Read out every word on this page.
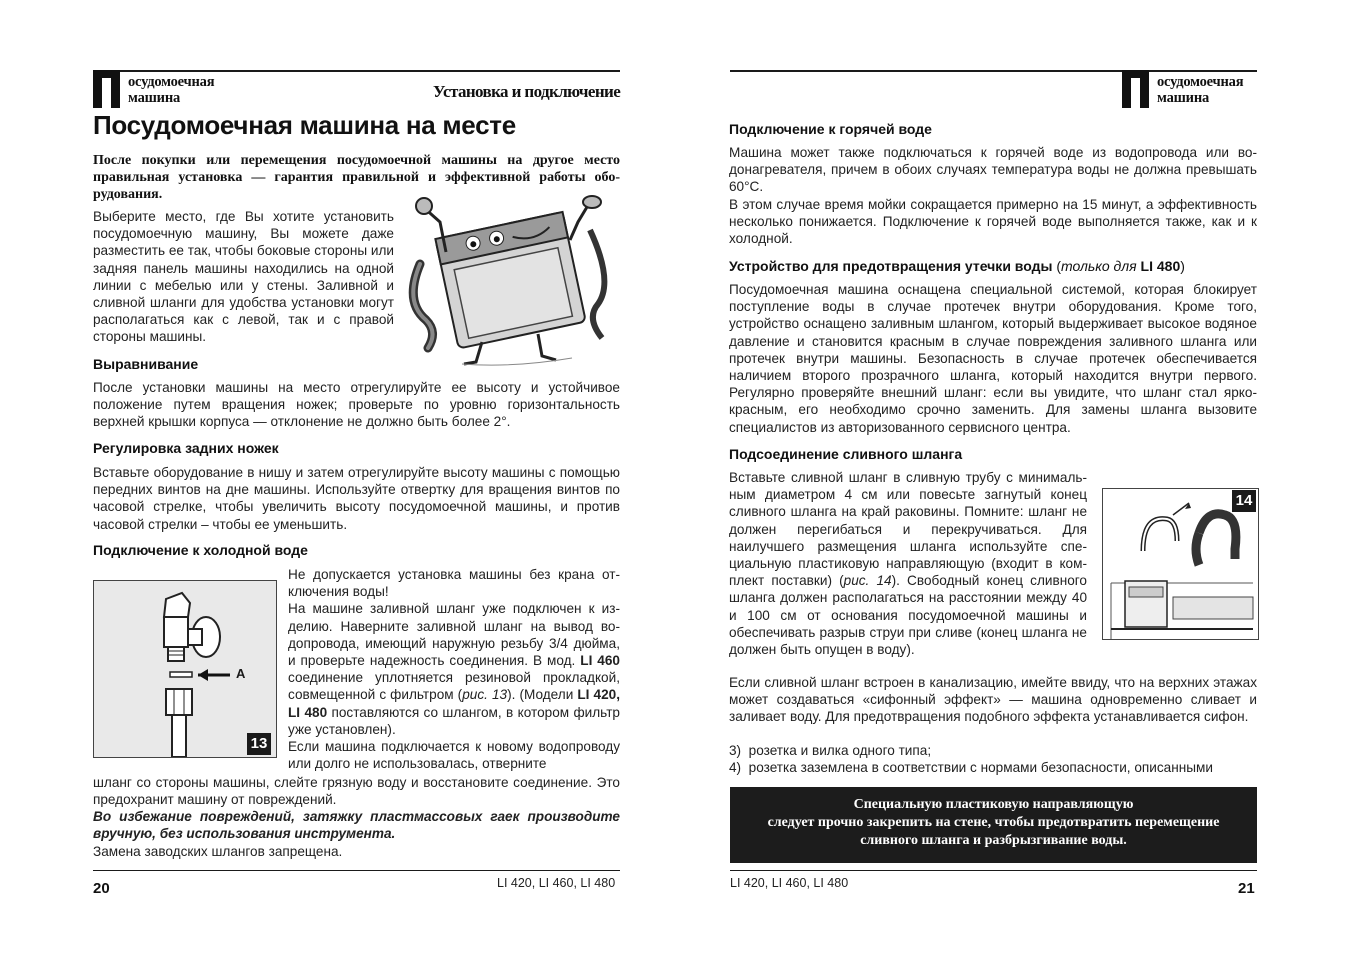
осудомоечная
машина	Установка и подключение
Посудомоечная машина на месте
После покупки или перемещения посудомоечной машины на другое место правильная установка — гарантия правильной и эффективной работы оборудования.
Выберите место, где Вы хотите установить посудомоечную машину, Вы можете даже разместить ее так, чтобы боковые стороны или задняя панель машины находились на одной линии с мебелью или у стены. Заливной и сливной шланги для удобства установки могут располагаться как с левой, так и с правой стороны машины.
Выравнивание
После установки машины на место отрегулируйте ее высоту и устойчивое положение путем вращения ножек; проверьте по уровню горизонтальность верхней крышки корпуса — отклонение не должно быть более 2°.
Регулировка задних ножек
Вставьте оборудование в нишу и затем отрегулируйте высоту машины с помощью передних винтов на дне машины. Используйте отвертку для вращения винтов по часовой стрелке, чтобы увеличить высоту посудомоечной машины, и против часовой стрелки – чтобы ее уменьшить.
Подключение к холодной воде
A
13
Не допускается установка машины без крана отключения воды!
На машине заливной шланг уже подключен к изделию. Наверните заливной шланг на вывод водопровода, имеющий наружную резьбу 3/4 дюйма, и проверьте надежность соединения. В мод. LI 460 соединение уплотняется резиновой прокладкой, совмещенной с фильтром (рис. 13). (Модели LI 420, LI 480 поставляются со шлангом, в котором фильтр уже установлен).
Если машина подключается к новому водопроводу или долго не использовалась, отверните
шланг со стороны машины, слейте грязную воду и восстановите соединение. Это предохранит машину от повреждений.
Во избежание повреждений, затяжку пластмассовых гаек производите вручную, без использования инструмента.
Замена заводских шлангов запрещена.
20	LI 420, LI 460, LI 480
осудомоечная
машина
Подключение к горячей воде
Машина может также подключаться к горячей воде из водопровода или водонагревателя, причем в обоих случаях температура воды не должна превышать 60°С.
В этом случае время мойки сокращается примерно на 15 минут, а эффективность несколько понижается. Подключение к горячей воде выполняется также, как и к холодной.
Устройство для предотвращения утечки воды (только для LI 480)
Посудомоечная машина оснащена специальной системой, которая блокирует поступление воды в случае протечек внутри оборудования. Кроме того, устройство оснащено заливным шлангом, который выдерживает высокое водяное давление и становится красным в случае повреждения заливного шланга или протечек внутри машины. Безопасность в случае протечек обеспечивается наличием второго прозрачного шланга, который находится внутри первого. Регулярно проверяйте внешний шланг: если вы увидите, что шланг стал ярко-красным, его необходимо срочно заменить. Для замены шланга вызовите специалистов из авторизованного сервисного центра.
Подсоединение сливного шланга
Вставьте сливной шланг в сливную трубу с минимальным диаметром 4 см или повесьте загнутый конец сливного шланга на край раковины. Помните: шланг не должен перегибаться и перекручиваться. Для наилучшего размещения шланга используйте специальную пластиковую направляющую (входит в комплект поставки) (рис. 14). Свободный конец сливного шланга должен располагаться на расстоянии между 40 и 100 см от основания посудомоечной машины и обеспечивать разрыв струи при сливе (конец шланга не должен быть опущен в воду).
14
Если сливной шланг встроен в канализацию, имейте ввиду, что на верхних этажах может создаваться «сифонный эффект» — машина одновременно сливает и заливает воду. Для предотвращения подобного эффекта устанавливается сифон.
3) розетка и вилка одного типа;
4) розетка заземлена в соответствии с нормами безопасности, описанными
Специальную пластиковую направляющую
следует прочно закрепить на стене, чтобы предотвратить перемещение
сливного шланга и разбрызгивание воды.
LI 420, LI 460, LI 480	21
